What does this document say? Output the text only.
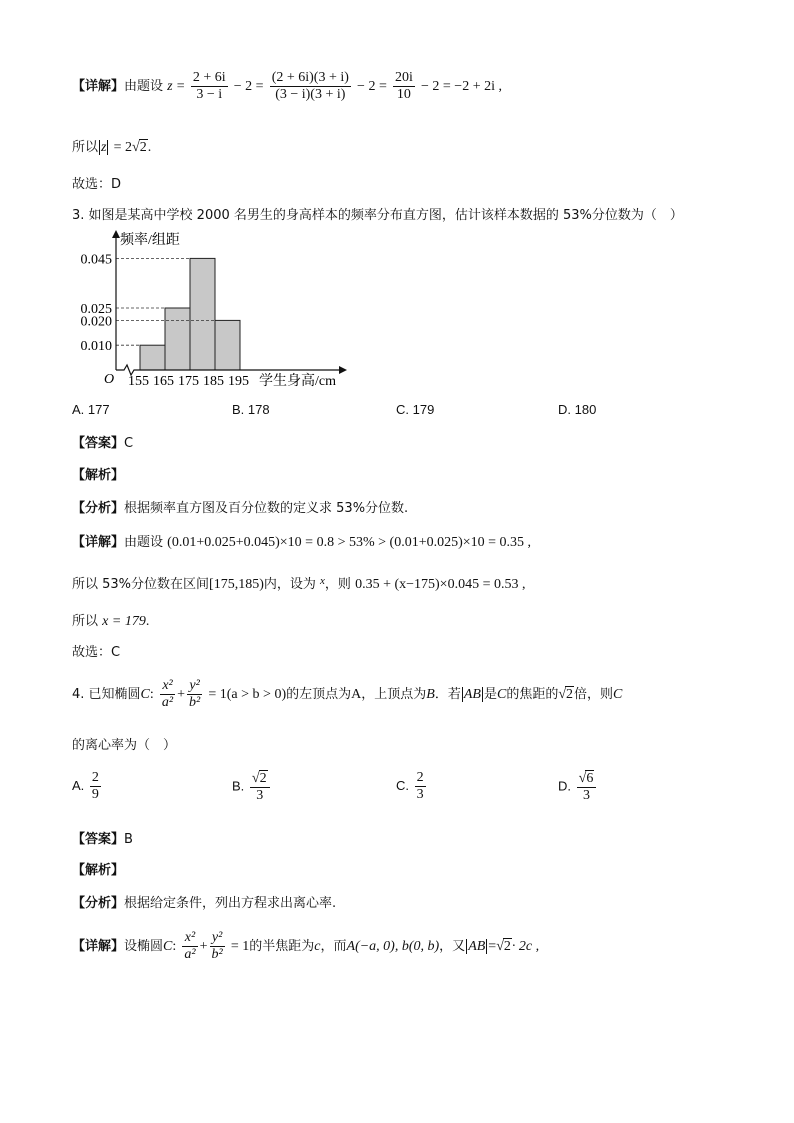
【详解】由题设 $z = \frac{2 + 6i}{3 - i} - 2 = \frac{(2 + 6i)(3 + i)}{(3 - i)(3 + i)} - 2 = \frac{20i}{10} - 2 = -2 + 2i$ ,
所以 z = 2√2.
故选：D
3. 如图是某高中学校 2000 名男生的身高样本的频率分布直方图，估计该样本数据的 53%分位数为（　）
0.045
0.025
0.020
0.010
155 165 175 185 195
O
频率/组距
学生身高/cm
A. 177	B. 178	C. 179	D. 180
【答案】C
【解析】
【分析】根据频率直方图及百分位数的定义求 53%分位数.
【详解】由题设 (0.01+0.025+0.045)×10 = 0.8 > 53% > (0.01+0.025)×10 = 0.35 ,
所以 53%分位数在区间[175,185)内，设为 $^x$，则 0.35 + (x−175)×0.045 = 0.53 ,
所以 x = 179.
故选：C
4. 已知椭圆C: $\frac{\text{x²}}{\text{a²}} + \frac{\text{y²}}{\text{b²}} = 1(a > b > 0)$的左顶点为A，上顶点为B．若 AB 是C的焦距的√2倍，则C
的离心率为（　）
A. $\frac{2}{9}$	B. $\frac{√2}{3}$	C. $\frac{2}{3}$	D. $\frac{√6}{3}$
【答案】B
【解析】
【分析】根据给定条件，列出方程求出离心率.
【详解】设椭圆C: $\frac{\text{x²}}{\text{a²}} + \frac{\text{y²}}{\text{b²}} = 1$的半焦距为c，而A(−a, 0), b(0, b)，又 AB =√2· 2c ,
